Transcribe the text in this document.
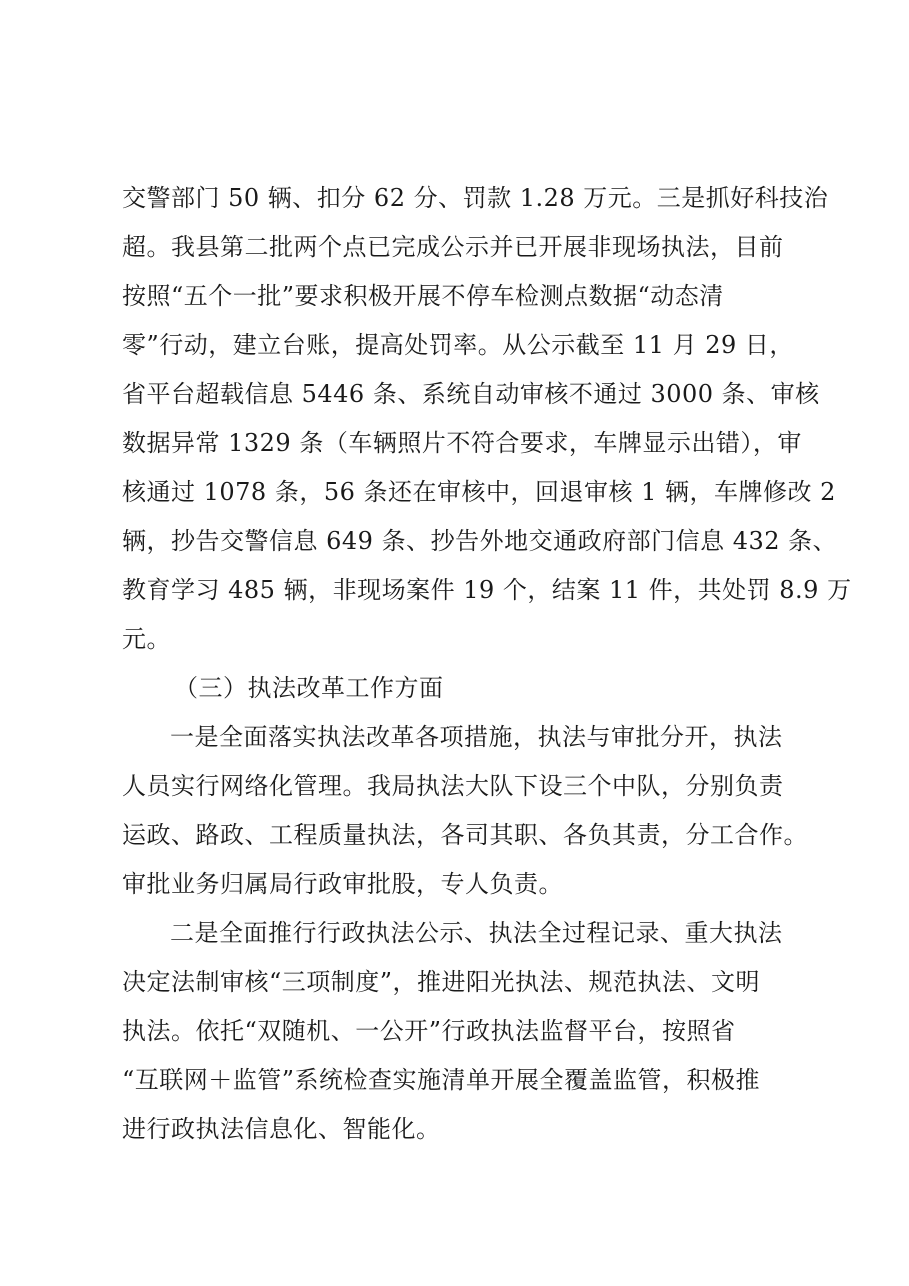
交警部门 50 辆、扣分 62 分、罚款 1.28 万元。三是抓好科技治
超。我县第二批两个点已完成公示并已开展非现场执法，目前
按照“五个一批”要求积极开展不停车检测点数据“动态清
零”行动，建立台账，提高处罚率。从公示截至 11 月 29 日，
省平台超载信息 5446 条、系统自动审核不通过 3000 条、审核
数据异常 1329 条（车辆照片不符合要求，车牌显示出错），审
核通过 1078 条，56 条还在审核中，回退审核 1 辆，车牌修改 2
辆，抄告交警信息 649 条、抄告外地交通政府部门信息 432 条、
教育学习 485 辆，非现场案件 19 个，结案 11 件，共处罚 8.9 万
元。
（三）执法改革工作方面
一是全面落实执法改革各项措施，执法与审批分开，执法
人员实行网络化管理。我局执法大队下设三个中队，分别负责
运政、路政、工程质量执法，各司其职、各负其责，分工合作。
审批业务归属局行政审批股，专人负责。
二是全面推行行政执法公示、执法全过程记录、重大执法
决定法制审核“三项制度”，推进阳光执法、规范执法、文明
执法。依托“双随机、一公开”行政执法监督平台，按照省
“互联网＋监管”系统检查实施清单开展全覆盖监管，积极推
进行政执法信息化、智能化。
